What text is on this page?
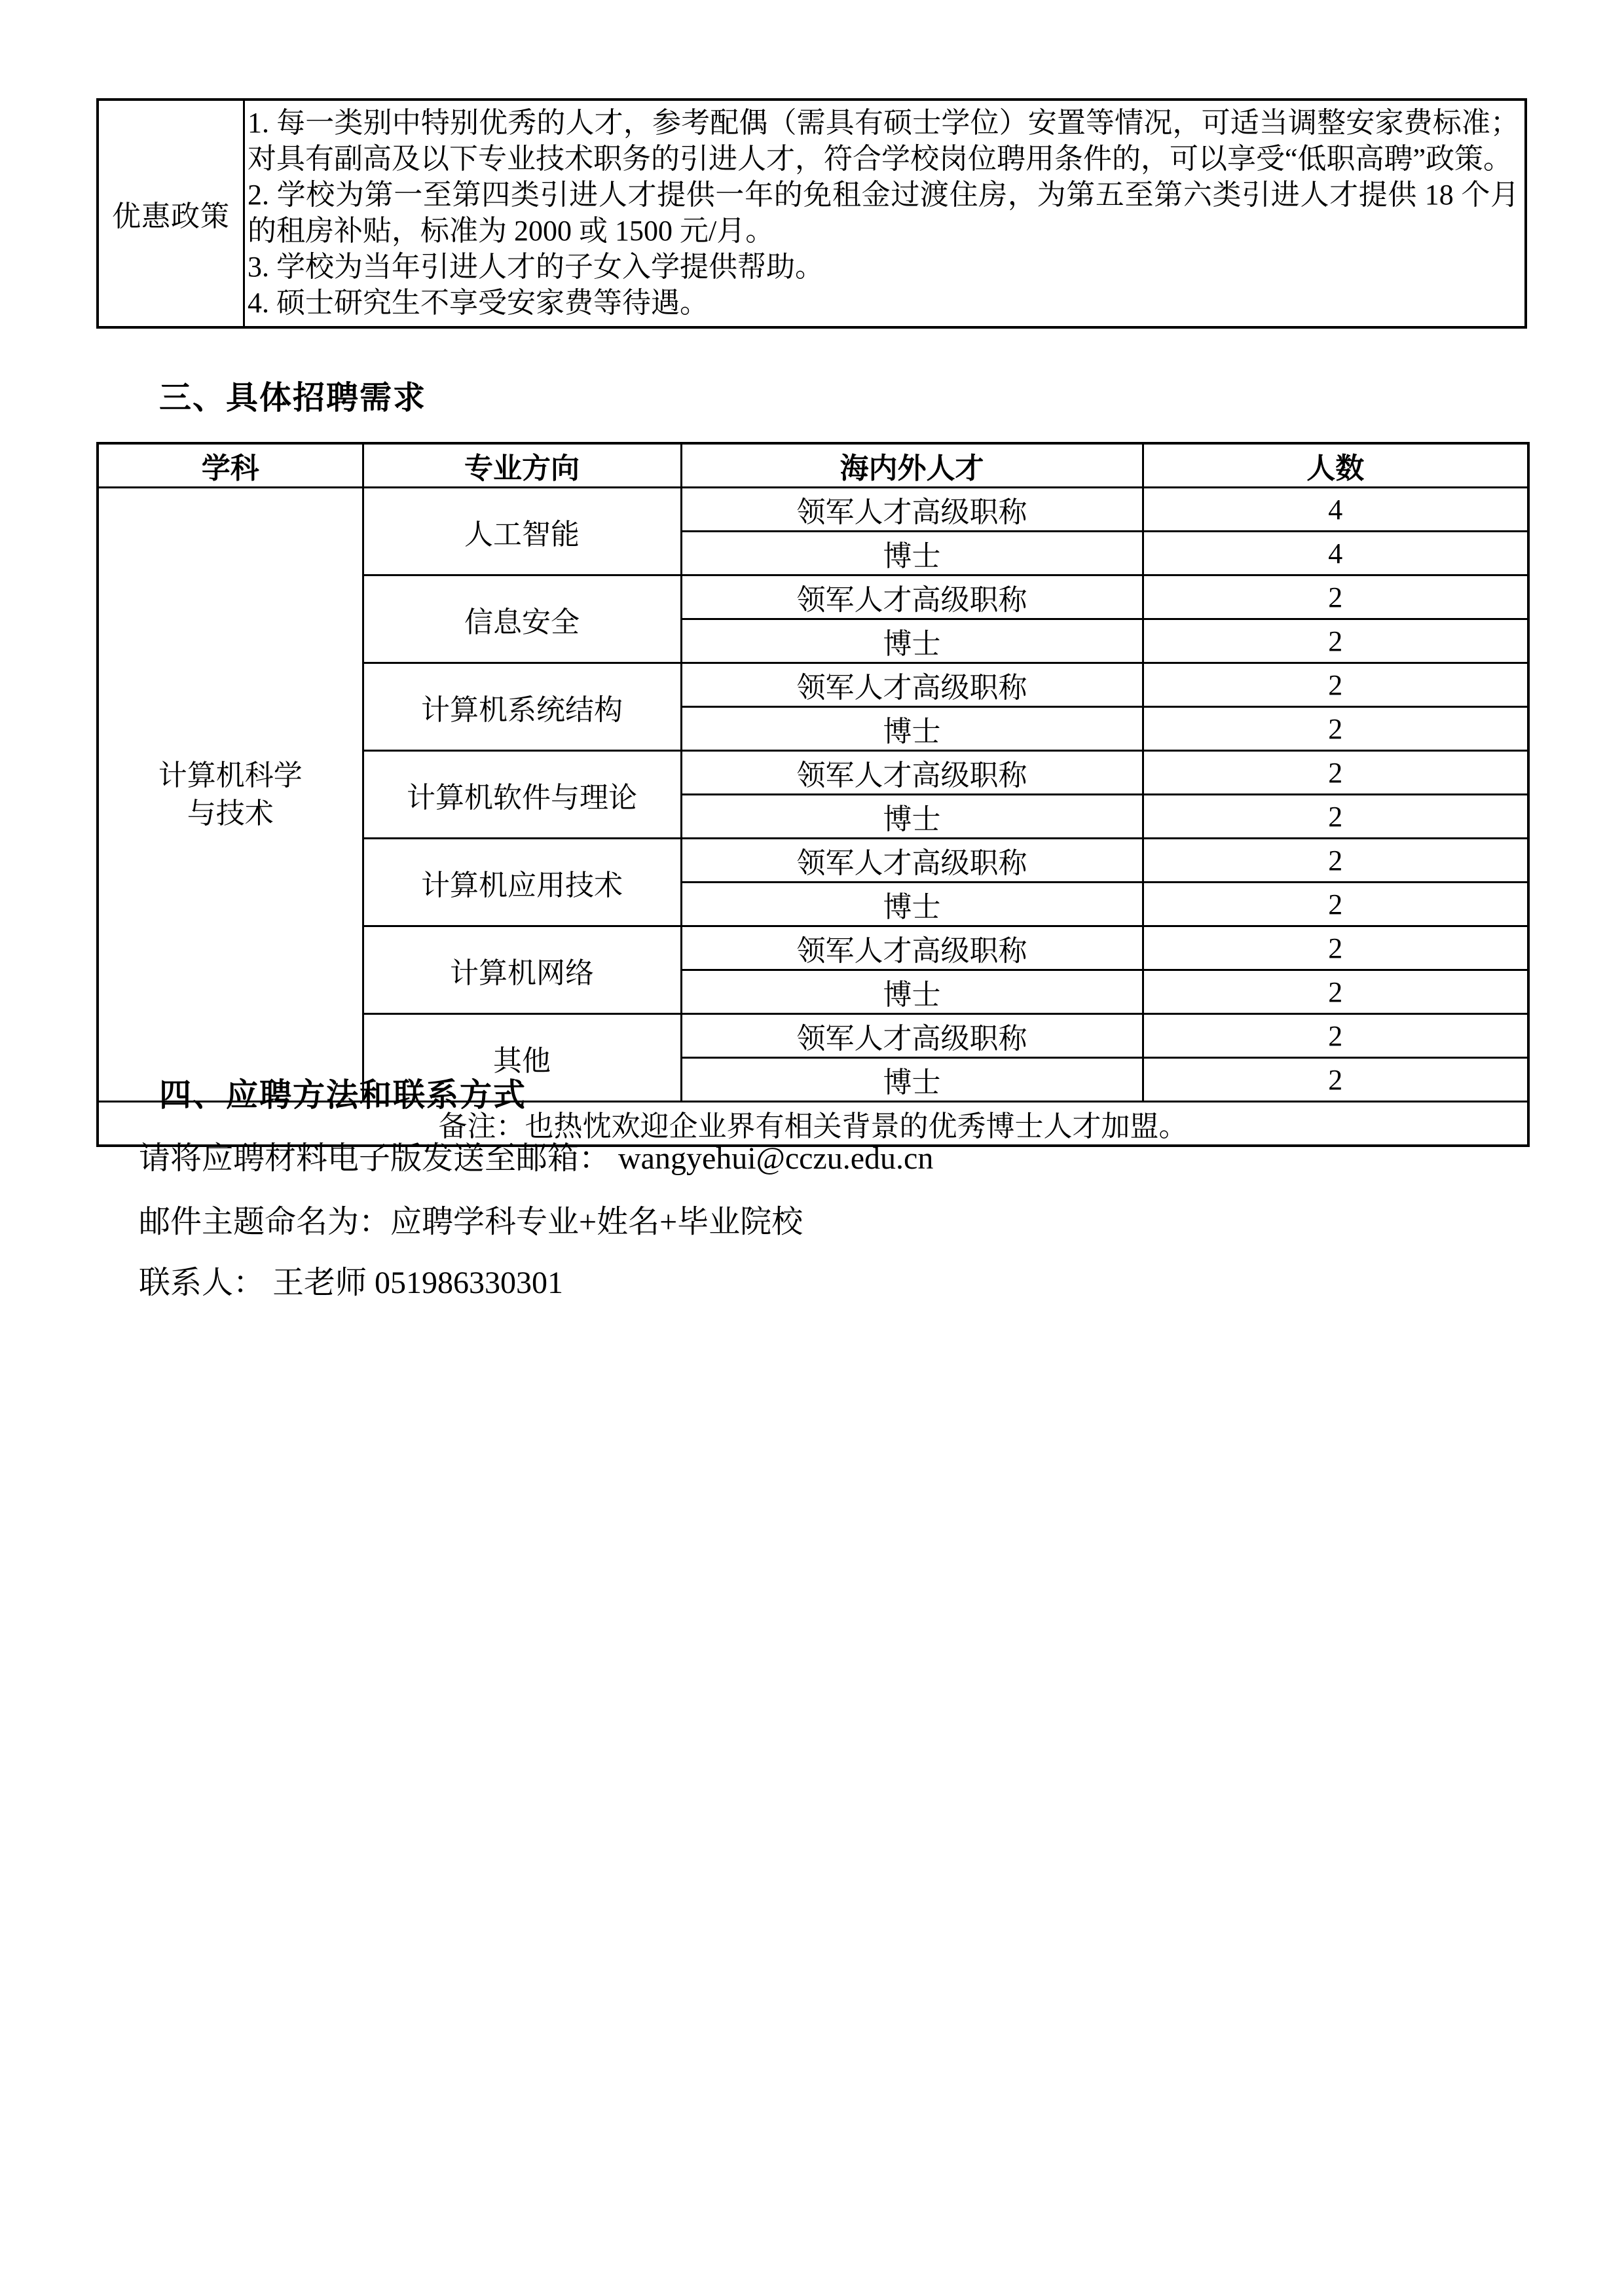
优惠政策	
1. 每一类别中特别优秀的人才，参考配偶（需具有硕士学位）安置等情况，可适当调整安家费标准；对具有副高及以下专业技术职务的引进人才，符合学校岗位聘用条件的，可以享受“低职高聘”政策。
2. 学校为第一至第四类引进人才提供一年的免租金过渡住房，为第五至第六类引进人才提供 18 个月的租房补贴，标准为 2000 或 1500 元/月。
3. 学校为当年引进人才的子女入学提供帮助。
4. 硕士研究生不享受安家费等待遇。
三、具体招聘需求
学科	专业方向	海内外人才	人数

计算机科学
与技术	人工智能	领军人才高级职称	4
		博士	4
	信息安全	领军人才高级职称	2
		博士	2
	计算机系统结构	领军人才高级职称	2
		博士	2
	计算机软件与理论	领军人才高级职称	2
		博士	2
	计算机应用技术	领军人才高级职称	2
		博士	2
	计算机网络	领军人才高级职称	2
		博士	2
	其他	领军人才高级职称	2
		博士	2
备注：也热忱欢迎企业界有相关背景的优秀博士人才加盟。			
四、应聘方法和联系方式
请将应聘材料电子版发送至邮箱： wangyehui@cczu.edu.cn
邮件主题命名为：应聘学科专业+姓名+毕业院校
联系人： 王老师 051986330301
